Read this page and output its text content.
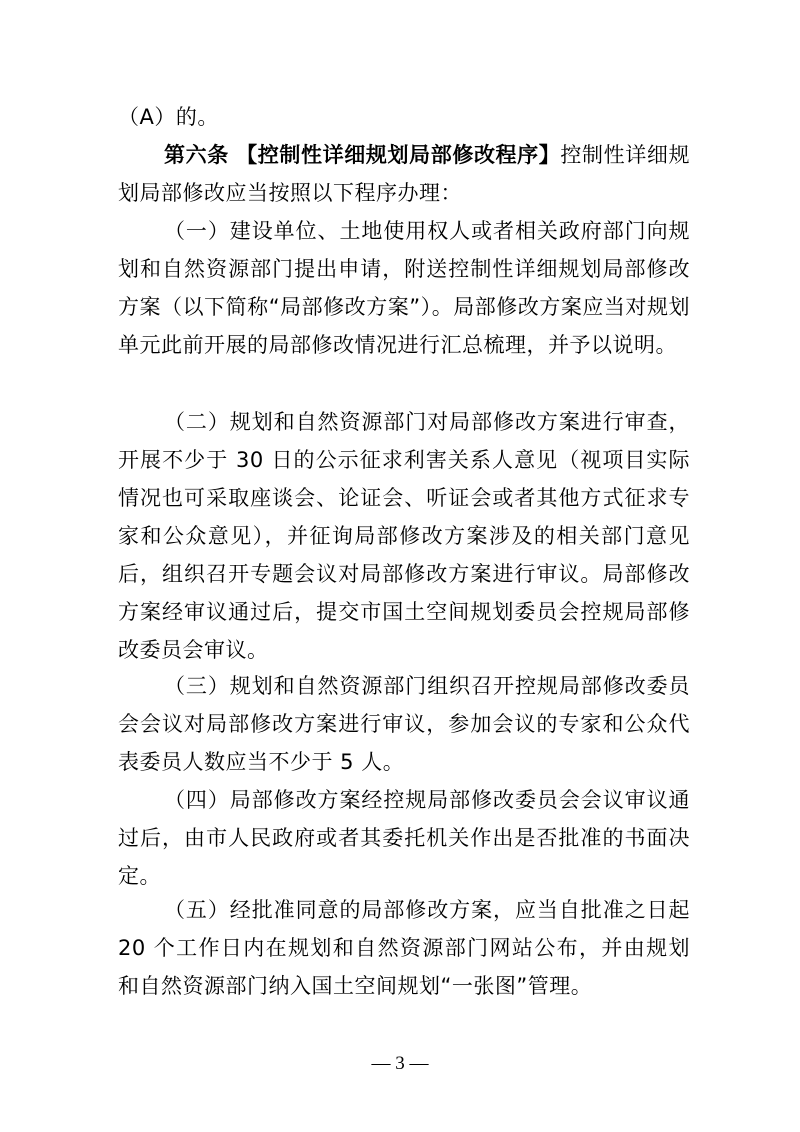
（A）的。
第六条 【控制性详细规划局部修改程序】控制性详细规划局部修改应当按照以下程序办理：
（一）建设单位、土地使用权人或者相关政府部门向规划和自然资源部门提出申请，附送控制性详细规划局部修改方案（以下简称“局部修改方案”）。局部修改方案应当对规划单元此前开展的局部修改情况进行汇总梳理，并予以说明。
（二）规划和自然资源部门对局部修改方案进行审查，开展不少于 30 日的公示征求利害关系人意见（视项目实际情况也可采取座谈会、论证会、听证会或者其他方式征求专家和公众意见），并征询局部修改方案涉及的相关部门意见后，组织召开专题会议对局部修改方案进行审议。局部修改方案经审议通过后，提交市国土空间规划委员会控规局部修改委员会审议。
（三）规划和自然资源部门组织召开控规局部修改委员会会议对局部修改方案进行审议，参加会议的专家和公众代表委员人数应当不少于 5 人。
（四）局部修改方案经控规局部修改委员会会议审议通过后，由市人民政府或者其委托机关作出是否批准的书面决定。
（五）经批准同意的局部修改方案，应当自批准之日起 20 个工作日内在规划和自然资源部门网站公布，并由规划和自然资源部门纳入国土空间规划“一张图”管理。
— 3 —
